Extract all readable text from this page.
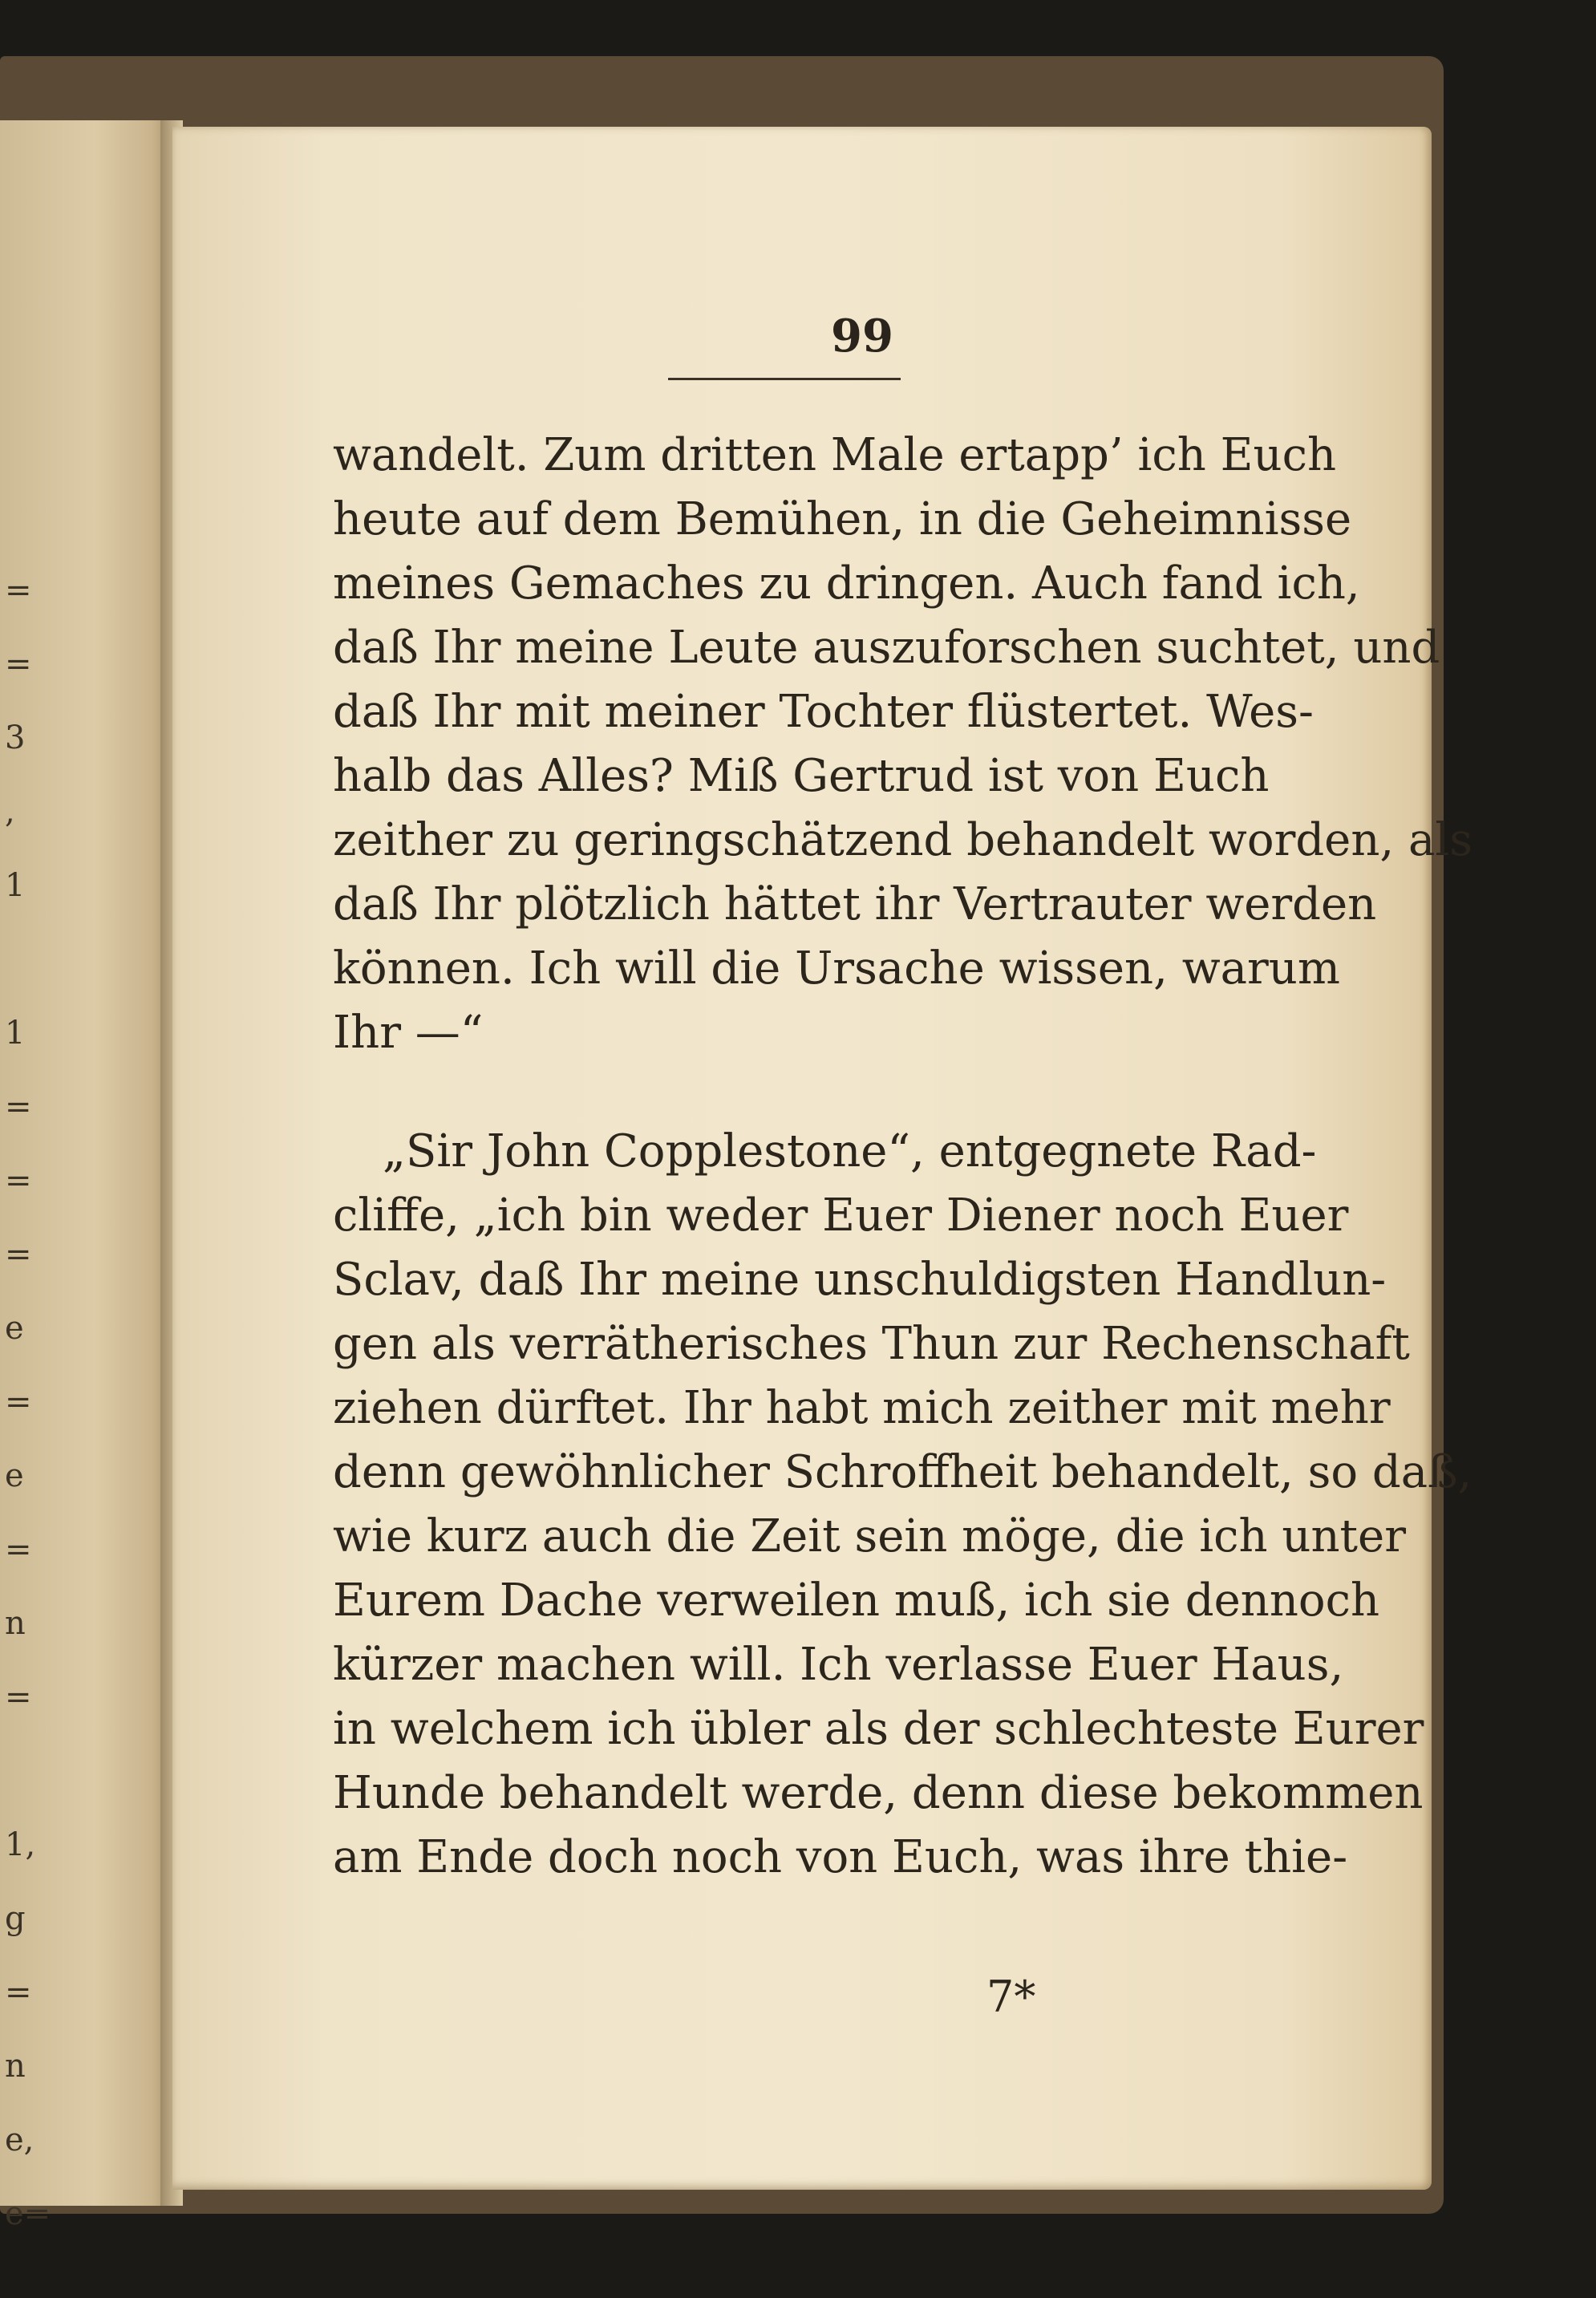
=
=
3
,
1

1
=
=
=
e
=
e
=
n
=

1,
g
=
n
e,
e=
99
wandelt. Zum dritten Male ertapp’ ich Euch
heute auf dem Bemühen, in die Geheimnisse
meines Gemaches zu dringen. Auch fand ich,
daß Ihr meine Leute auszuforschen suchtet, und
daß Ihr mit meiner Tochter flüstertet. Wes-
halb das Alles? Miß Gertrud ist von Euch
zeither zu geringschätzend behandelt worden, als
daß Ihr plötzlich hättet ihr Vertrauter werden
können. Ich will die Ursache wissen, warum
Ihr —“
„Sir John Copplestone“, entgegnete Rad-
cliffe, „ich bin weder Euer Diener noch Euer
Sclav, daß Ihr meine unschuldigsten Handlun-
gen als verrätherisches Thun zur Rechenschaft
ziehen dürftet. Ihr habt mich zeither mit mehr
denn gewöhnlicher Schroffheit behandelt, so daß,
wie kurz auch die Zeit sein möge, die ich unter
Eurem Dache verweilen muß, ich sie dennoch
kürzer machen will. Ich verlasse Euer Haus,
in welchem ich übler als der schlechteste Eurer
Hunde behandelt werde, denn diese bekommen
am Ende doch noch von Euch, was ihre thie-
7*
